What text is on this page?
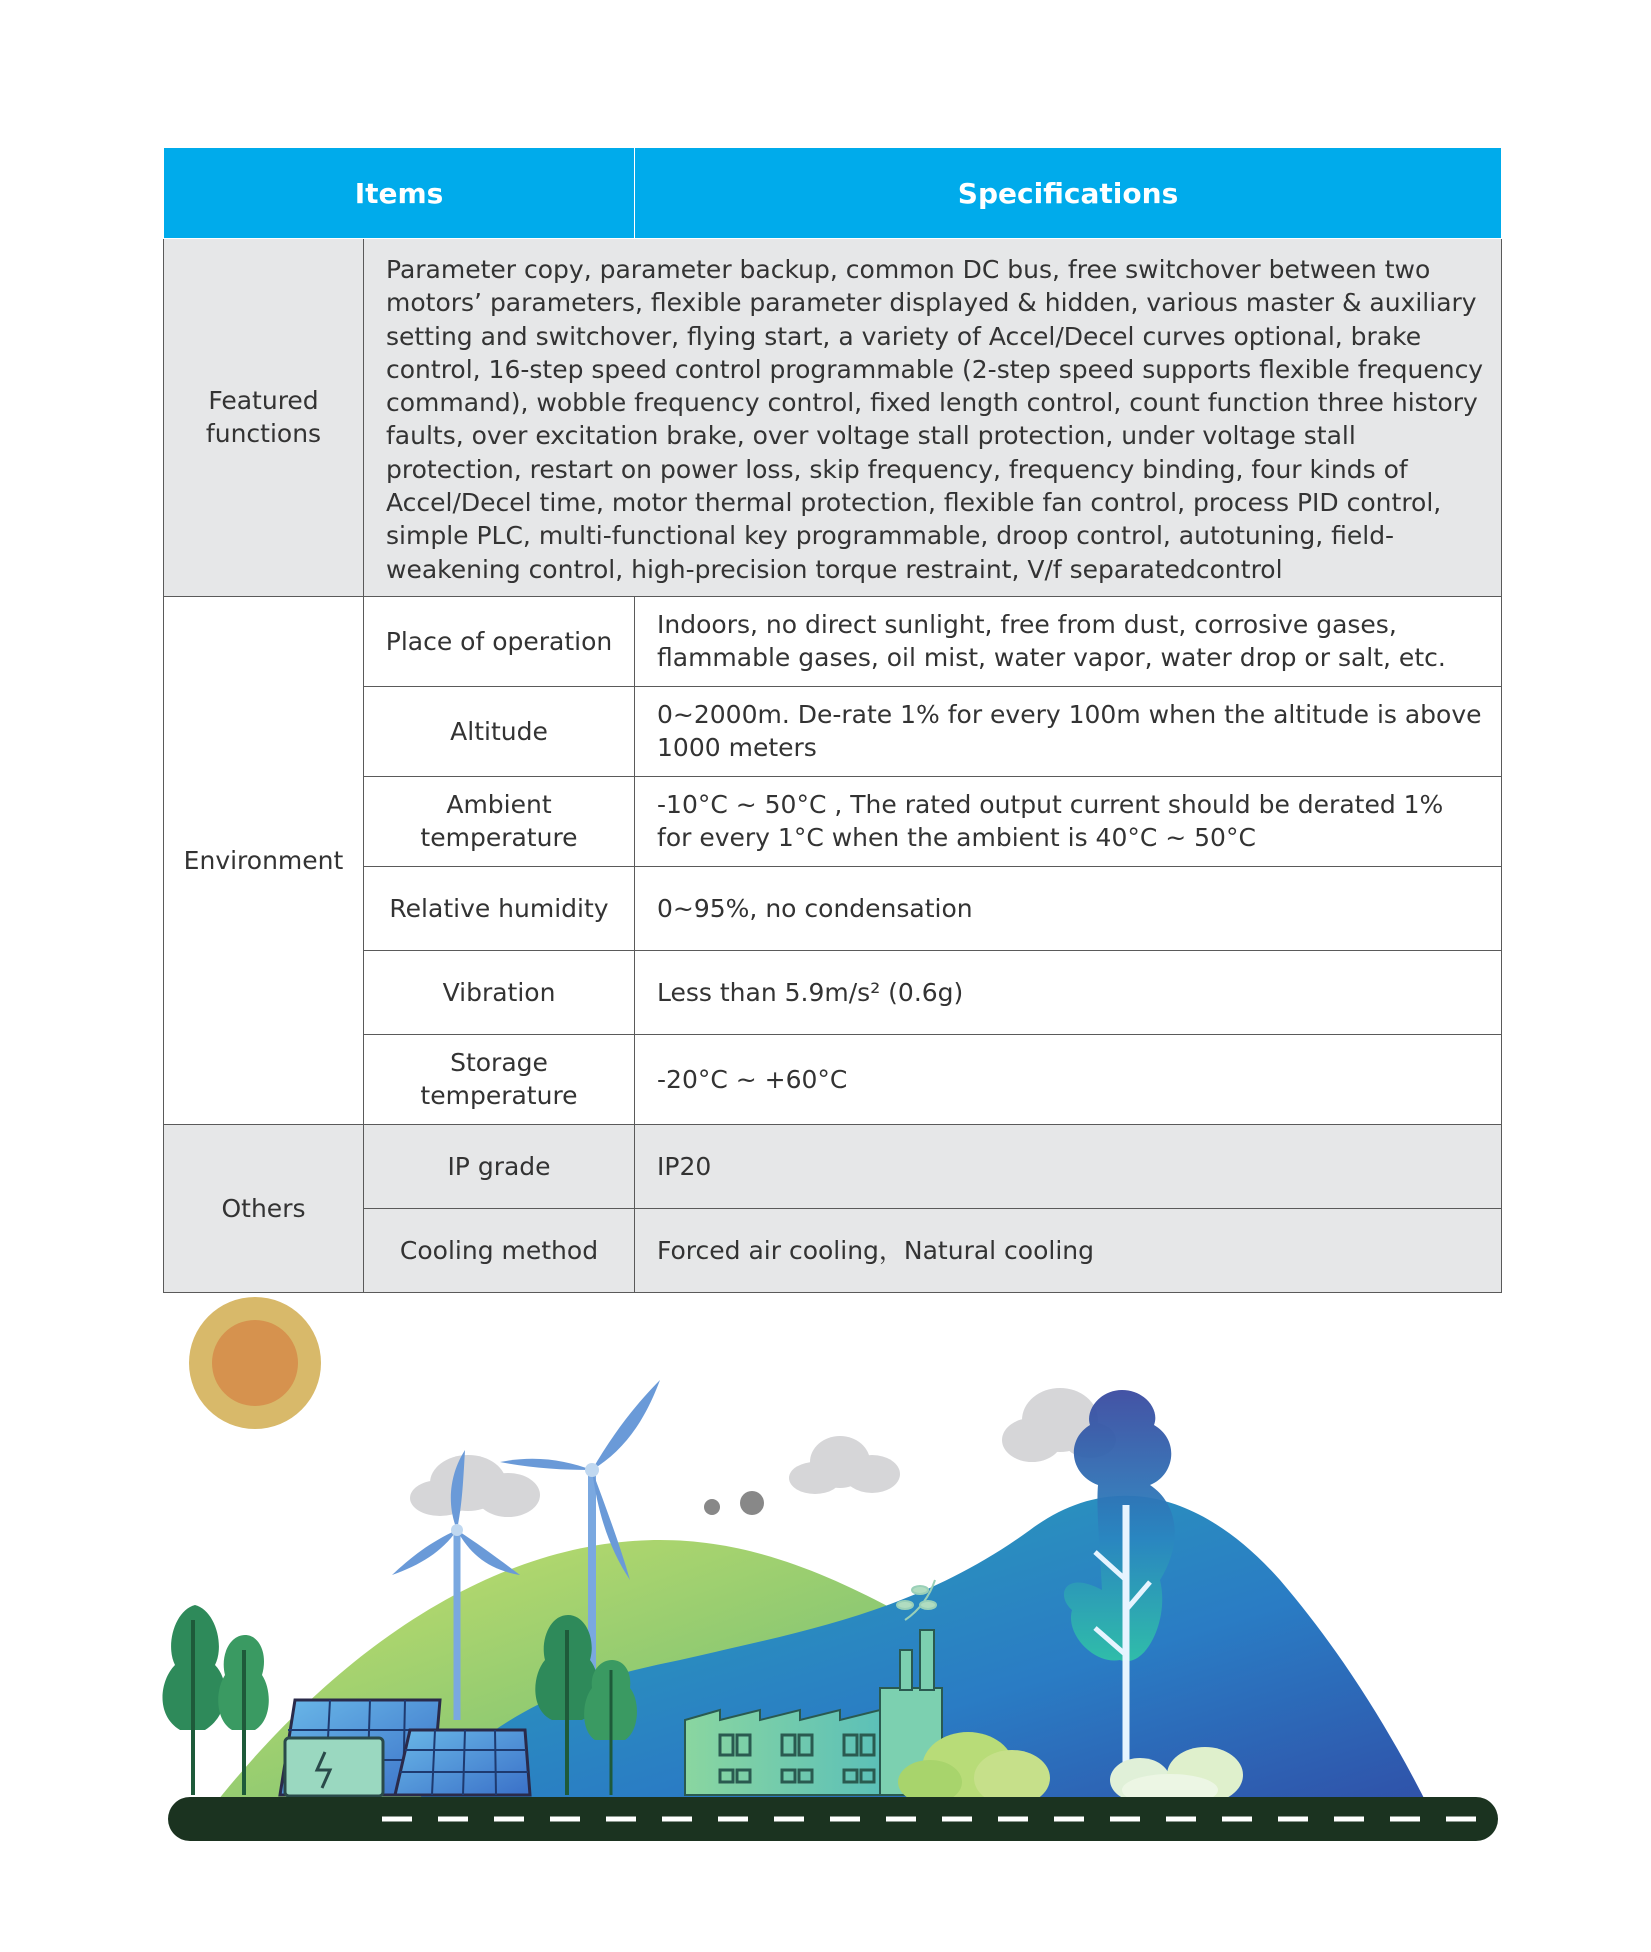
Items		Specifications
Featured functions	Parameter copy, parameter backup, common DC bus, free switchover between two motors’ parameters, flexible parameter displayed & hidden, various master & auxiliary setting and switchover, flying start, a variety of Accel/Decel curves optional, brake control, 16-step speed control programmable (2-step speed supports flexible frequency command), wobble frequency control, fixed length control, count function three history faults, over excitation brake, over voltage stall protection, under voltage stall protection, restart on power loss, skip frequency, frequency binding, four kinds of Accel/Decel time, motor thermal protection, flexible fan control, process PID control, simple PLC, multi-functional key programmable, droop control, autotuning, field-weakening control, high-precision torque restraint, V/f separatedcontrol	
Environment	Place of operation	Indoors, no direct sunlight, free from dust, corrosive gases, flammable gases, oil mist, water vapor, water drop or salt, etc.
	Altitude	0~2000m. De-rate 1% for every 100m when the altitude is above 1000 meters
	Ambient temperature	-10°C ~ 50°C , The rated output current should be derated 1% for every 1°C when the ambient is 40°C ~ 50°C
	Relative humidity	0~95%, no condensation
	Vibration	Less than 5.9m/s² (0.6g)
	Storage temperature	-20°C ~ +60°C
Others	IP grade	IP20
	Cooling method	Forced air cooling，Natural cooling
